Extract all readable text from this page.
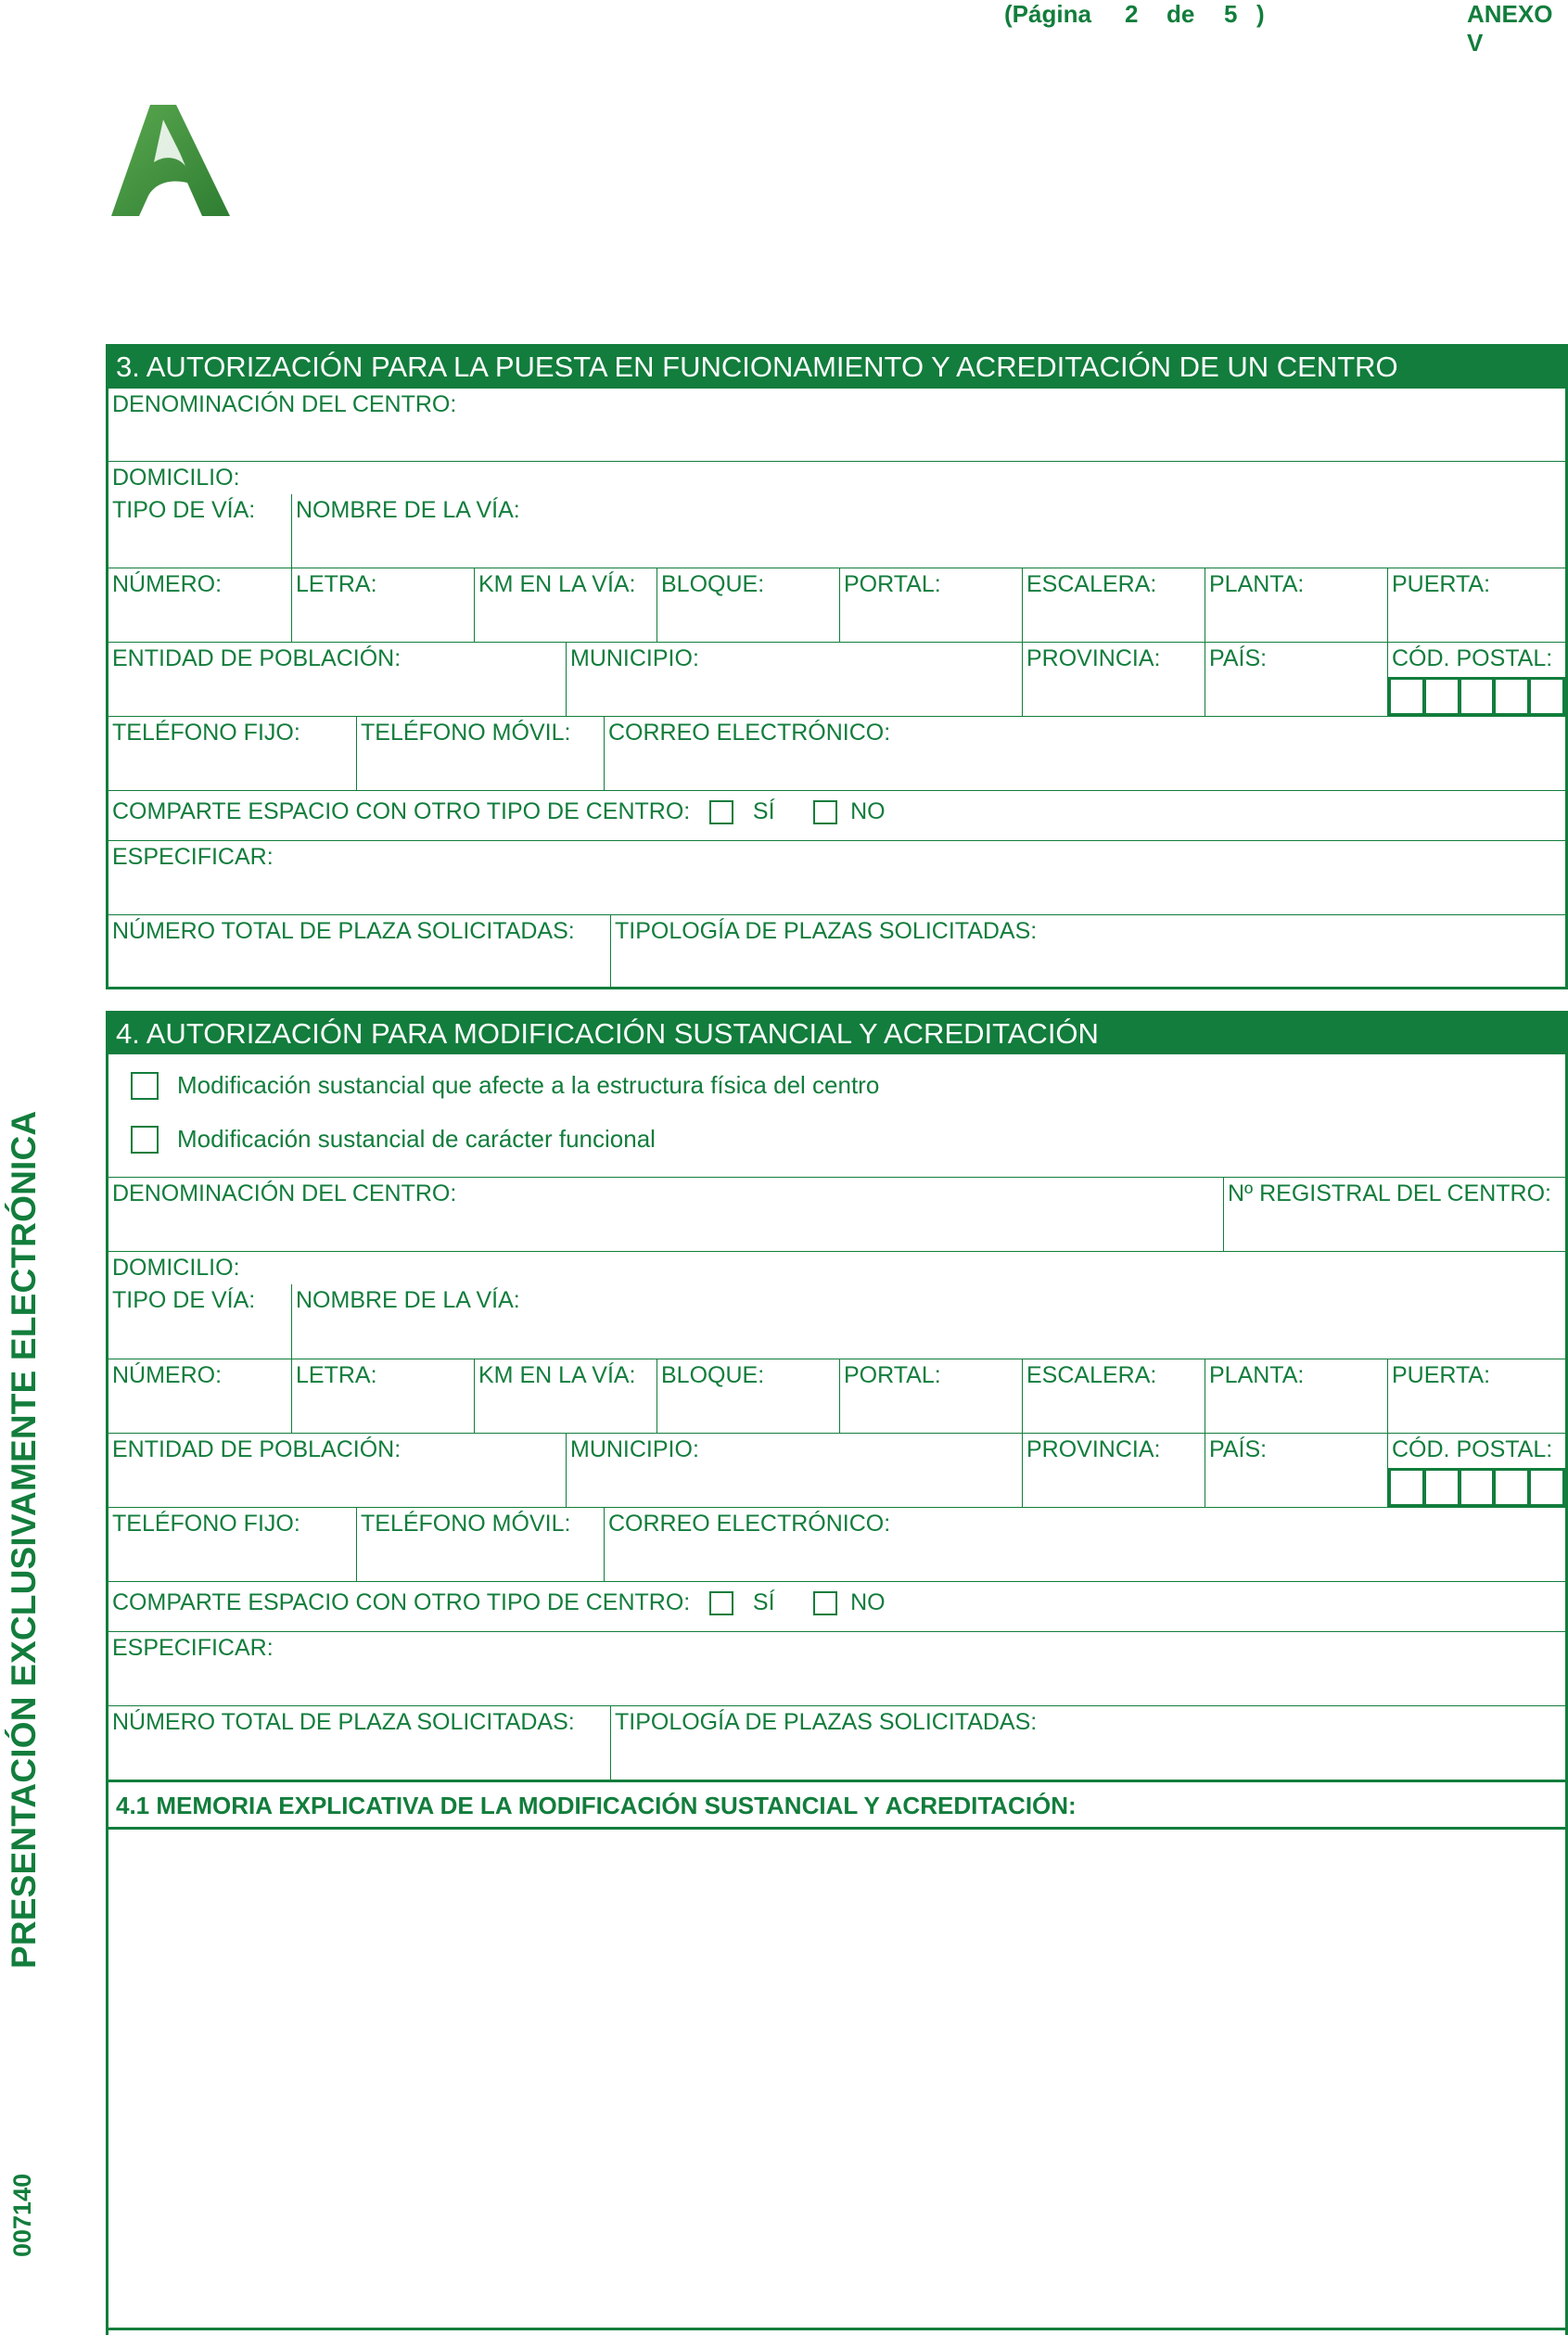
(Página 2 de 5 )	ANEXO V
PRESENTACIÓN EXCLUSIVAMENTE ELECTRÓNICA
007140
3. AUTORIZACIÓN PARA LA PUESTA EN FUNCIONAMIENTO Y ACREDITACIÓN DE UN CENTRO
DENOMINACIÓN DEL CENTRO:
DOMICILIO:
TIPO DE VÍA: NOMBRE DE LA VÍA:
NÚMERO:	LETRA:	KM EN LA VÍA: BLOQUE:	PORTAL:	ESCALERA: PLANTA:	PUERTA:
ENTIDAD DE POBLACIÓN:	MUNICIPIO:	PROVINCIA: PAÍS:	CÓD. POSTAL:
TELÉFONO FIJO:	TELÉFONO MÓVIL: CORREO ELECTRÓNICO:
COMPARTE ESPACIO CON OTRO TIPO DE CENTRO:	SÍ	NO
ESPECIFICAR:
NÚMERO TOTAL DE PLAZA SOLICITADAS: TIPOLOGÍA DE PLAZAS SOLICITADAS:
4. AUTORIZACIÓN PARA MODIFICACIÓN SUSTANCIAL Y ACREDITACIÓN
Modificación sustancial que afecte a la estructura física del centro
Modificación sustancial de carácter funcional
DENOMINACIÓN DEL CENTRO:	Nº REGISTRAL DEL CENTRO:
DOMICILIO:
TIPO DE VÍA: NOMBRE DE LA VÍA:
NÚMERO:	LETRA:	KM EN LA VÍA: BLOQUE:	PORTAL:	ESCALERA: PLANTA:	PUERTA:
ENTIDAD DE POBLACIÓN:	MUNICIPIO:	PROVINCIA: PAÍS:	CÓD. POSTAL:
TELÉFONO FIJO:	TELÉFONO MÓVIL: CORREO ELECTRÓNICO:
COMPARTE ESPACIO CON OTRO TIPO DE CENTRO:	SÍ	NO
ESPECIFICAR:
NÚMERO TOTAL DE PLAZA SOLICITADAS: TIPOLOGÍA DE PLAZAS SOLICITADAS:
4.1 MEMORIA EXPLICATIVA DE LA MODIFICACIÓN SUSTANCIAL Y ACREDITACIÓN:
